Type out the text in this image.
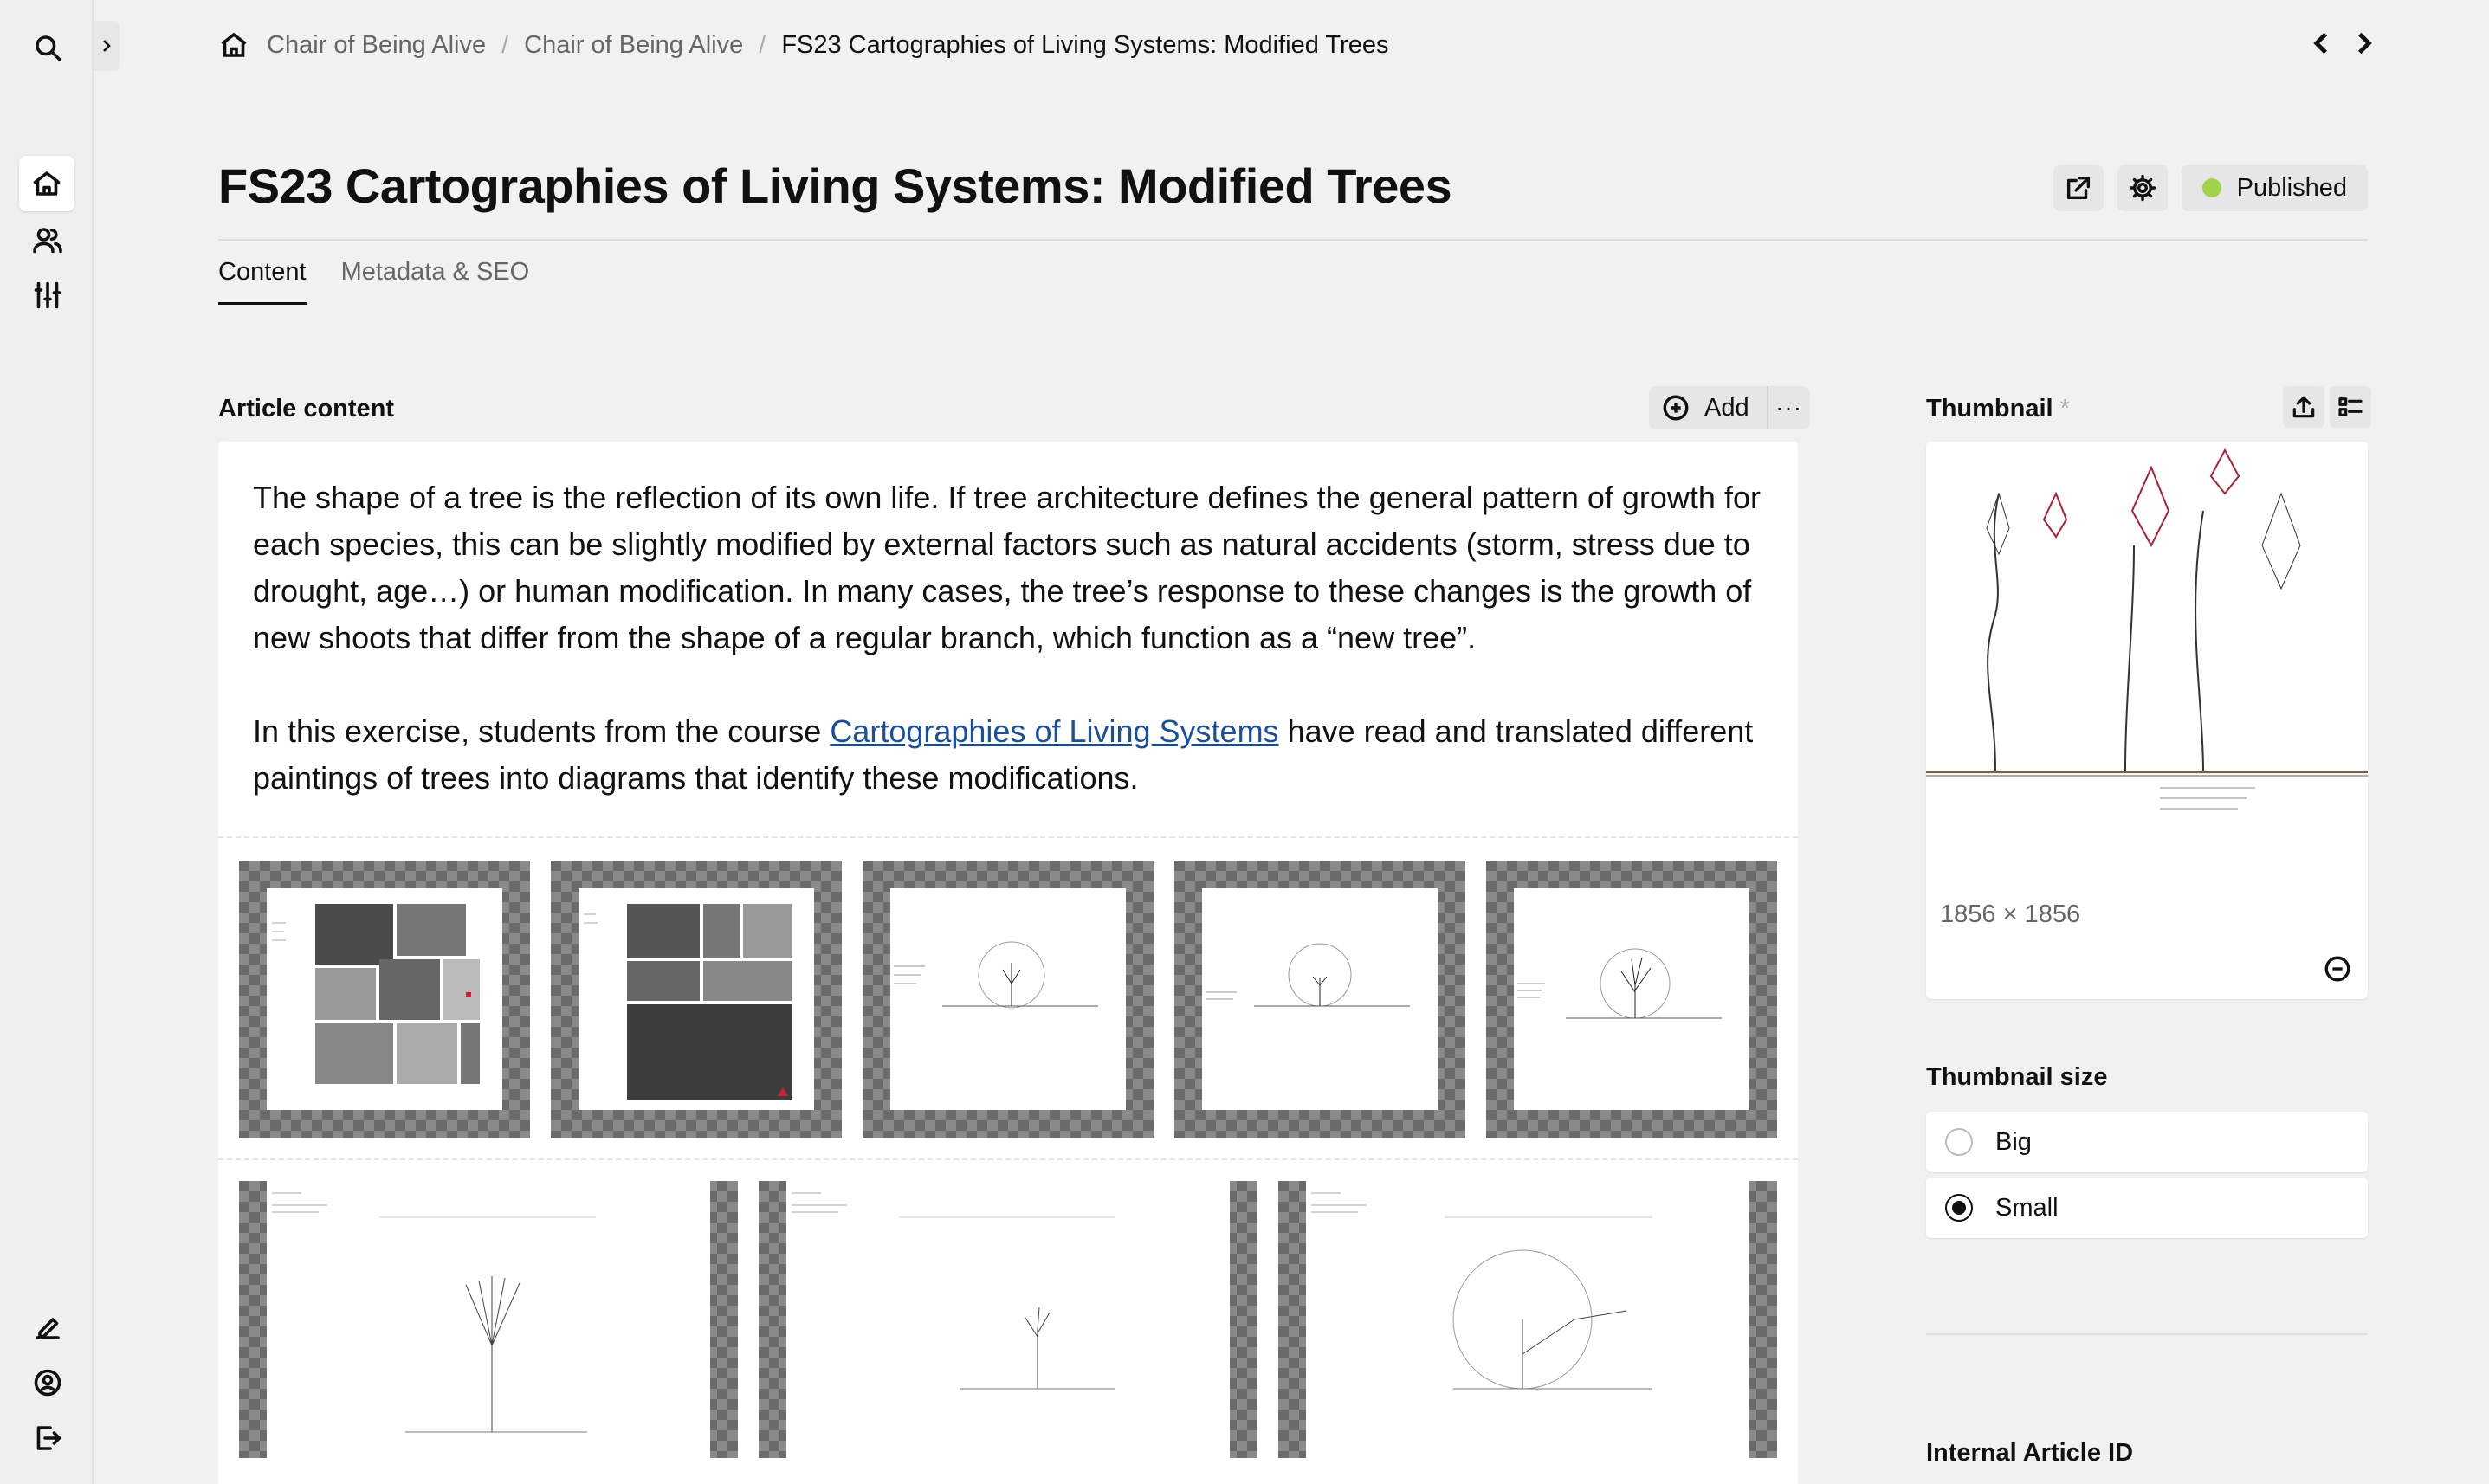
Chair of Being Alive / Chair of Being Alive / FS23 Cartographies of Living Systems: Modified Trees
FS23 Cartographies of Living Systems: Modified Trees	Published
Content Metadata & SEO
Article content	Add	···

The shape of a tree is the reflection of its own life. If tree architecture defines the general pattern of growth for each species, this can be slightly modified by external factors such as natural accidents (storm, stress due to drought, age…) or human modification. In many cases, the tree’s response to these changes is the growth of new shoots that differ from the shape of a regular branch, which function as a “new tree”.

In this exercise, students from the course Cartographies of Living Systems have read and translated different paintings of trees into diagrams that identify these modifications.

Thumbnail *
1856 × 1856
Thumbnail size
Big
Small
Internal Article ID
